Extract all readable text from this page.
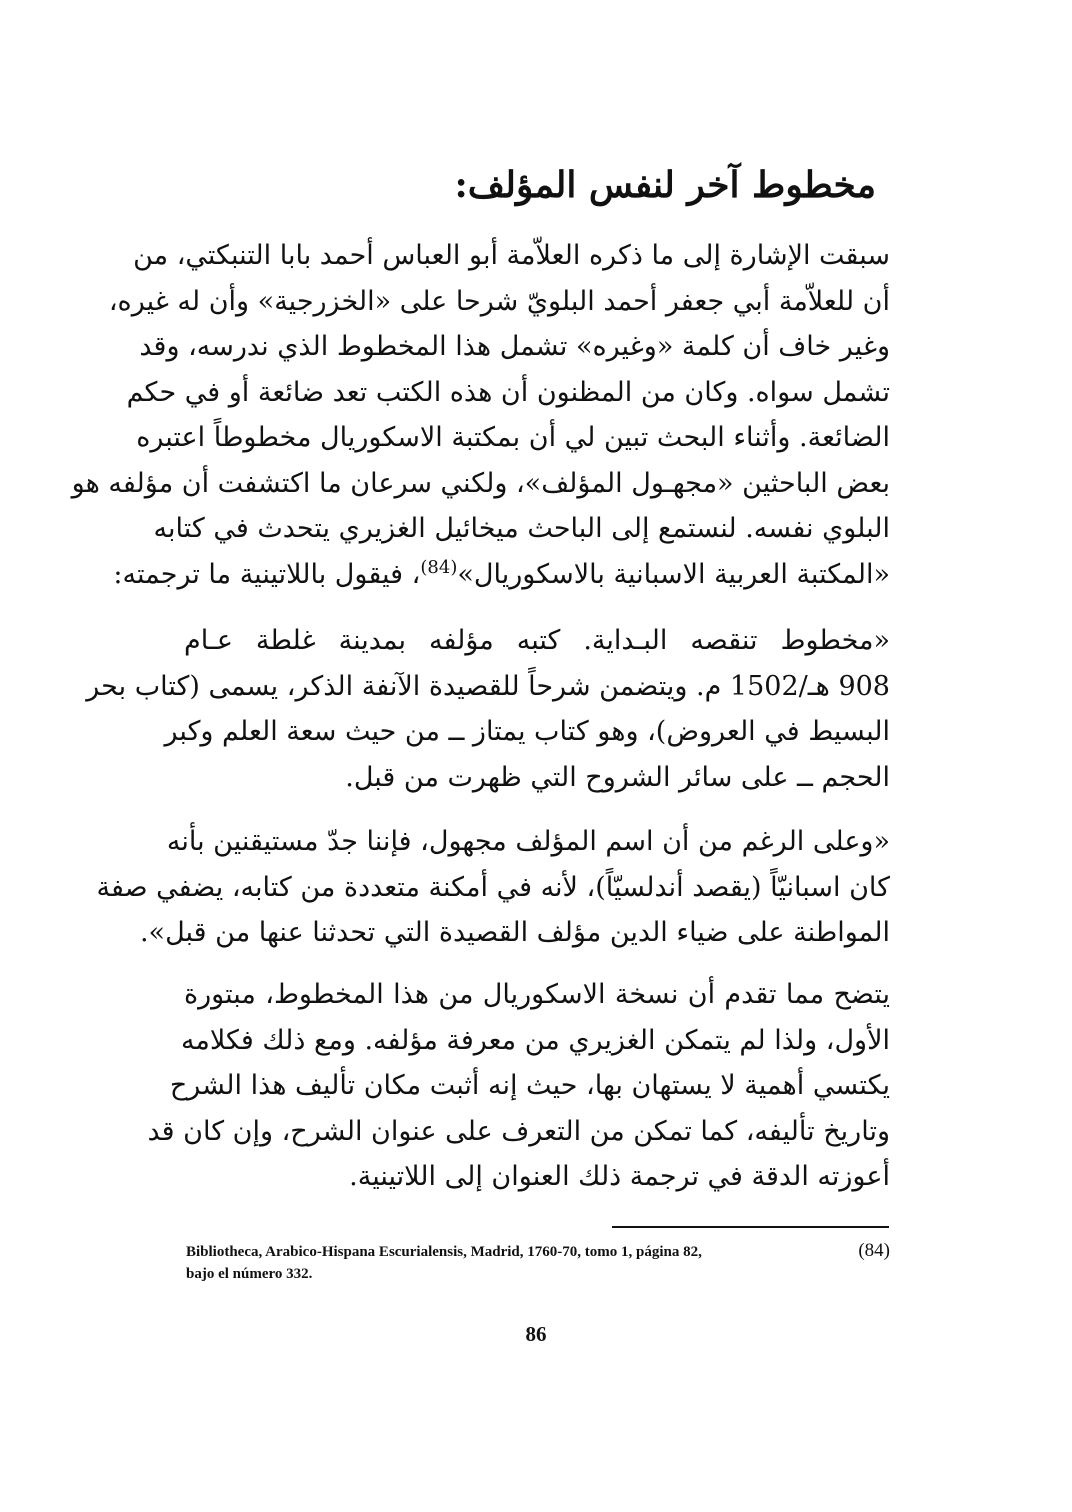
مخطوط آخر لنفس المؤلف:
سبقت الإشارة إلى ما ذكره العلاّمة أبو العباس أحمد بابا التنبكتي، من
أن للعلاّمة أبي جعفر أحمد البلويّ شرحا على «الخزرجية» وأن له غيره،
وغير خاف أن كلمة «وغيره» تشمل هذا المخطوط الذي ندرسه، وقد
تشمل سواه. وكان من المظنون أن هذه الكتب تعد ضائعة أو في حكم
الضائعة. وأثناء البحث تبين لي أن بمكتبة الاسكوريال مخطوطاً اعتبره
بعض الباحثين «مجهـول المؤلف»، ولكني سرعان ما اكتشفت أن مؤلفه هو
البلوي نفسه. لنستمع إلى الباحث ميخائيل الغزيري يتحدث في كتابه
«المكتبة العربية الاسبانية بالاسكوريال»$^{(84)}$، فيقول باللاتينية ما ترجمته:
«مخطوط تنقصه البـداية. كتبه مؤلفه بمدينة غلطة عـام
908 هـ/1502 م. ويتضمن شرحاً للقصيدة الآنفة الذكر، يسمى (كتاب بحر
البسيط في العروض)، وهو كتاب يمتاز ــ من حيث سعة العلم وكبر
الحجم ــ على سائر الشروح التي ظهرت من قبل.
«وعلى الرغم من أن اسم المؤلف مجهول، فإننا جدّ مستيقنين بأنه
كان اسبانيّاً (يقصد أندلسيّاً)، لأنه في أمكنة متعددة من كتابه، يضفي صفة
المواطنة على ضياء الدين مؤلف القصيدة التي تحدثنا عنها من قبل».
يتضح مما تقدم أن نسخة الاسكوريال من هذا المخطوط، مبتورة
الأول، ولذا لم يتمكن الغزيري من معرفة مؤلفه. ومع ذلك فكلامه
يكتسي أهمية لا يستهان بها، حيث إنه أثبت مكان تأليف هذا الشرح
وتاريخ تأليفه، كما تمكن من التعرف على عنوان الشرح، وإن كان قد
أعوزته الدقة في ترجمة ذلك العنوان إلى اللاتينية.
Bibliotheca, Arabico-Hispana Escurialensis, Madrid, 1760-70, tomo 1, página 82,	(84)
bajo el número 332.
86
